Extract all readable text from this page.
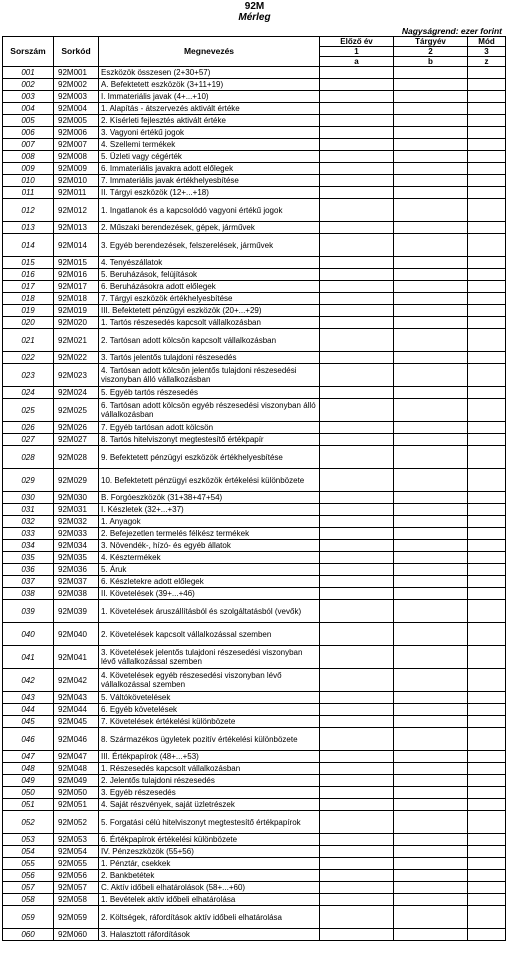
92M
Mérleg
Nagyságrend: ezer forint
Sorszám	Sorkód	Megnevezés	Előző év	Tárgyév	Mód
			1	2	3
			a	b	z
001	92M001	Eszközök összesen (2+30+57)			
002	92M002	A. Befektetett eszközök (3+11+19)			
003	92M003	I. Immateriális javak (4+...+10)			
004	92M004	1. Alapítás - átszervezés aktivált értéke			
005	92M005	2. Kísérleti fejlesztés aktivált értéke			
006	92M006	3. Vagyoni értékű jogok			
007	92M007	4. Szellemi termékek			
008	92M008	5. Üzleti vagy cégérték			
009	92M009	6. Immateriális javakra adott előlegek			
010	92M010	7. Immateriális javak értékhelyesbítése			
011	92M011	II. Tárgyi eszközök (12+...+18)			
012	92M012	1. Ingatlanok és a kapcsolódó vagyoni értékű jogok			
013	92M013	2. Műszaki berendezések, gépek, járművek			
014	92M014	3. Egyéb berendezések, felszerelések, járművek			
015	92M015	4. Tenyészállatok			
016	92M016	5. Beruházások, felújítások			
017	92M017	6. Beruházásokra adott előlegek			
018	92M018	7. Tárgyi eszközök értékhelyesbítése			
019	92M019	III. Befektetett pénzügyi eszközök (20+...+29)			
020	92M020	1. Tartós részesedés kapcsolt vállalkozásban			
021	92M021	2. Tartósan adott kölcsön kapcsolt vállalkozásban			
022	92M022	3. Tartós jelentős tulajdoni részesedés			
023	92M023	4. Tartósan adott kölcsön jelentős tulajdoni részesedési viszonyban álló vállalkozásban			
024	92M024	5. Egyéb tartós részesedés			
025	92M025	6. Tartósan adott kölcsön egyéb részesedési viszonyban álló vállalkozásban			
026	92M026	7. Egyéb tartósan adott kölcsön			
027	92M027	8. Tartós hitelviszonyt megtestesítő értékpapír			
028	92M028	9. Befektetett pénzügyi eszközök értékhelyesbítése			
029	92M029	10. Befektetett pénzügyi eszközök értékelési különbözete			
030	92M030	B. Forgóeszközök (31+38+47+54)			
031	92M031	I. Készletek (32+...+37)			
032	92M032	1. Anyagok			
033	92M033	2. Befejezetlen termelés félkész termékek			
034	92M034	3. Növendék-, hízó- és egyéb állatok			
035	92M035	4. Késztermékek			
036	92M036	5. Áruk			
037	92M037	6. Készletekre adott előlegek			
038	92M038	II. Követelések (39+...+46)			
039	92M039	1. Követelések áruszállításból és szolgáltatásból (vevők)			
040	92M040	2. Követelések kapcsolt vállalkozással szemben			
041	92M041	3. Követelések jelentős tulajdoni részesedési viszonyban lévő vállalkozással szemben			
042	92M042	4. Követelések egyéb részesedési viszonyban lévő vállalkozással szemben			
043	92M043	5. Váltókövetelések			
044	92M044	6. Egyéb követelések			
045	92M045	7. Követelések értékelési különbözete			
046	92M046	8. Származékos ügyletek pozitív értékelési különbözete			
047	92M047	III. Értékpapírok (48+...+53)			
048	92M048	1. Részesedés kapcsolt vállalkozásban			
049	92M049	2. Jelentős tulajdoni részesedés			
050	92M050	3. Egyéb részesedés			
051	92M051	4. Saját részvények, saját üzletrészek			
052	92M052	5. Forgatási célú hitelviszonyt megtestesítő értékpapírok			
053	92M053	6. Értékpapírok értékelési különbözete			
054	92M054	IV. Pénzeszközök (55+56)			
055	92M055	1. Pénztár, csekkek			
056	92M056	2. Bankbetétek			
057	92M057	C. Aktív időbeli elhatárolások (58+...+60)			
058	92M058	1. Bevételek aktív időbeli elhatárolása			
059	92M059	2. Költségek, ráfordítások aktív időbeli elhatárolása			
060	92M060	3. Halasztott ráfordítások			
